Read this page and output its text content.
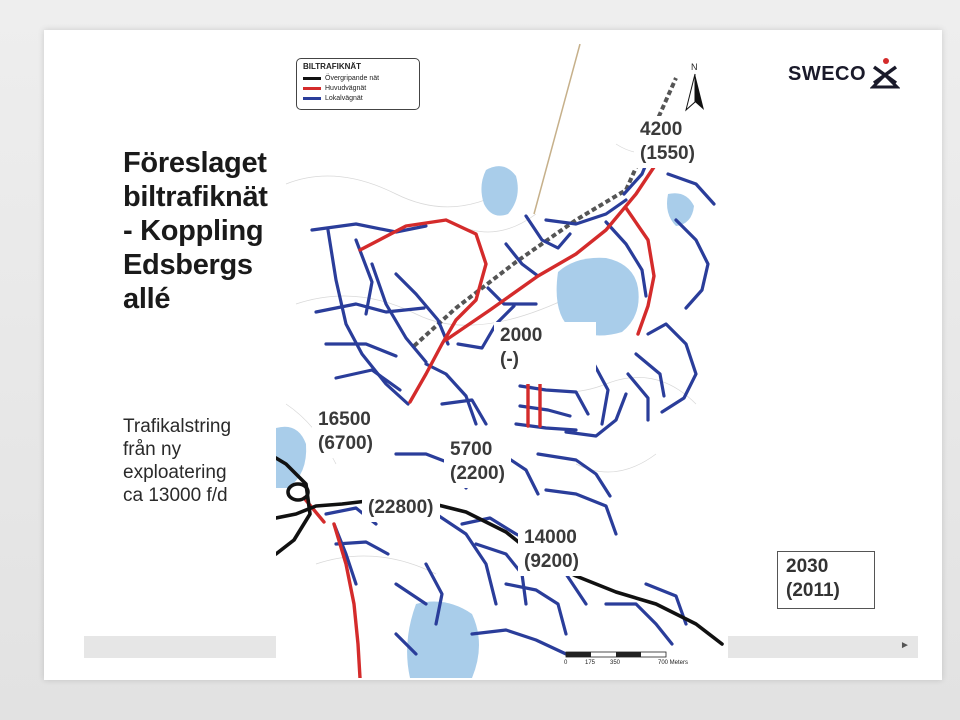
►
Föreslaget
biltrafiknät
- Koppling
Edsbergs
allé
Trafikalstring
från ny
exploatering
ca 13000 f/d
SWECO
BILTRAFIKNÄT
Övergripande nät
Huvudvägnät
Lokalvägnät
N
0	175 350	700 Meters
4200
(1550)
2000
(-)
16500
(6700)	5700
(2200)
(22800)
14000
(9200)	2030
(2011)
